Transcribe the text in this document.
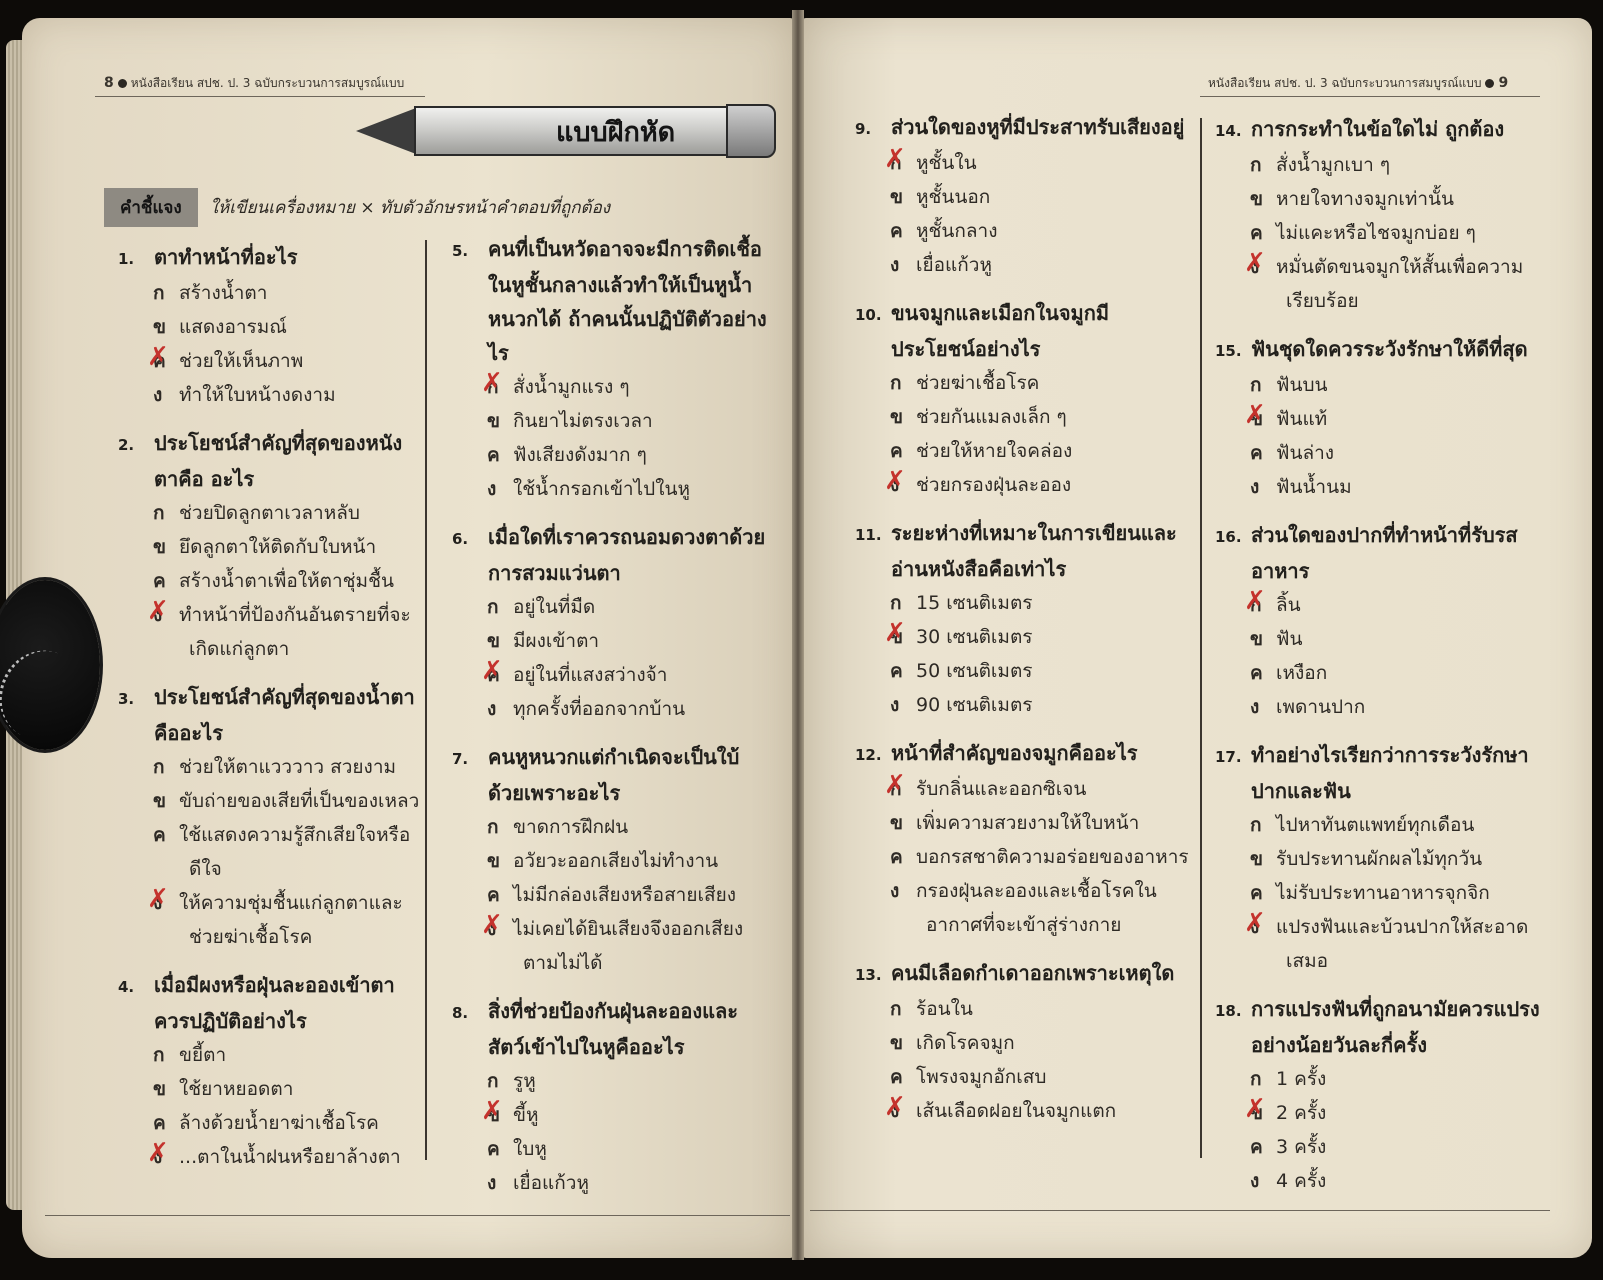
8 หนังสือเรียน สปช. ป. 3 ฉบับกระบวนการสมบูรณ์แบบ	หนังสือเรียน สปช. ป. 3 ฉบับกระบวนการสมบูรณ์แบบ 9
แบบฝึกหัด
คำชี้แจง ให้เขียนเครื่องหมาย × ทับตัวอักษรหน้าคำตอบที่ถูกต้อง
1. ตาทำหน้าที่อะไร
ก สร้างน้ำตา
ข แสดงอารมณ์
ค ✗ ช่วยให้เห็นภาพ
ง ทำให้ใบหน้างดงาม
2. ประโยชน์สำคัญที่สุดของหนังตาคือ อะไร
ก ช่วยปิดลูกตาเวลาหลับ
ข ยึดลูกตาให้ติดกับใบหน้า
ค สร้างน้ำตาเพื่อให้ตาชุ่มชื้น
ง ✗ ทำหน้าที่ป้องกันอันตรายที่จะเกิดแก่ลูกตา
3. ประโยชน์สำคัญที่สุดของน้ำตาคืออะไร
ก ช่วยให้ตาแวววาว สวยงาม
ข ขับถ่ายของเสียที่เป็นของเหลว
ค ใช้แสดงความรู้สึกเสียใจหรือดีใจ
ง ✗ ให้ความชุ่มชื้นแก่ลูกตาและช่วยฆ่าเชื้อโรค
4. เมื่อมีผงหรือฝุ่นละอองเข้าตาควรปฏิบัติอย่างไร
ก ขยี้ตา
ข ใช้ยาหยอดตา
ค ล้างด้วยน้ำยาฆ่าเชื้อโรค
ง ✗ ...ตาในน้ำฝนหรือยาล้างตา
5. คนที่เป็นหวัดอาจจะมีการติดเชื้อในหูชั้นกลางแล้วทำให้เป็นหูน้ำหนวกได้ ถ้าคนนั้นปฏิบัติตัวอย่างไร
ก ✗ สั่งน้ำมูกแรง ๆ
ข กินยาไม่ตรงเวลา
ค ฟังเสียงดังมาก ๆ
ง ใช้น้ำกรอกเข้าไปในหู
6. เมื่อใดที่เราควรถนอมดวงตาด้วยการสวมแว่นตา
ก อยู่ในที่มืด
ข มีผงเข้าตา
ค ✗ อยู่ในที่แสงสว่างจ้า
ง ทุกครั้งที่ออกจากบ้าน
7. คนหูหนวกแต่กำเนิดจะเป็นใบ้ด้วยเพราะอะไร
ก ขาดการฝึกฝน
ข อวัยวะออกเสียงไม่ทำงาน
ค ไม่มีกล่องเสียงหรือสายเสียง
ง ✗ ไม่เคยได้ยินเสียงจึงออกเสียงตามไม่ได้
8. สิ่งที่ช่วยป้องกันฝุ่นละอองและสัตว์เข้าไปในหูคืออะไร
ก รูหู
ข ✗ ขี้หู
ค ใบหู
ง เยื่อแก้วหู
9. ส่วนใดของหูที่มีประสาทรับเสียงอยู่
ก ✗ หูชั้นใน
ข หูชั้นนอก
ค หูชั้นกลาง
ง เยื่อแก้วหู
10. ขนจมูกและเมือกในจมูกมีประโยชน์อย่างไร
ก ช่วยฆ่าเชื้อโรค
ข ช่วยกันแมลงเล็ก ๆ
ค ช่วยให้หายใจคล่อง
ง ✗ ช่วยกรองฝุ่นละออง
11. ระยะห่างที่เหมาะในการเขียนและอ่านหนังสือคือเท่าไร
ก 15 เซนติเมตร
ข ✗ 30 เซนติเมตร
ค 50 เซนติเมตร
ง 90 เซนติเมตร
12. หน้าที่สำคัญของจมูกคืออะไร
ก ✗ รับกลิ่นและออกซิเจน
ข เพิ่มความสวยงามให้ใบหน้า
ค บอกรสชาติความอร่อยของอาหาร
ง กรองฝุ่นละอองและเชื้อโรคในอากาศที่จะเข้าสู่ร่างกาย
13. คนมีเลือดกำเดาออกเพราะเหตุใด
ก ร้อนใน
ข เกิดโรคจมูก
ค โพรงจมูกอักเสบ
ง ✗ เส้นเลือดฝอยในจมูกแตก
14. การกระทำในข้อใดไม่ ถูกต้อง
ก สั่งน้ำมูกเบา ๆ
ข หายใจทางจมูกเท่านั้น
ค ไม่แคะหรือไชจมูกบ่อย ๆ
ง ✗ หมั่นตัดขนจมูกให้สั้นเพื่อความเรียบร้อย
15. ฟันชุดใดควรระวังรักษาให้ดีที่สุด
ก ฟันบน
ข ✗ ฟันแท้
ค ฟันล่าง
ง ฟันน้ำนม
16. ส่วนใดของปากที่ทำหน้าที่รับรสอาหาร
ก ✗ ลิ้น
ข ฟัน
ค เหงือก
ง เพดานปาก
17. ทำอย่างไรเรียกว่าการระวังรักษาปากและฟัน
ก ไปหาทันตแพทย์ทุกเดือน
ข รับประทานผักผลไม้ทุกวัน
ค ไม่รับประทานอาหารจุกจิก
ง ✗ แปรงฟันและบ้วนปากให้สะอาดเสมอ
18. การแปรงฟันที่ถูกอนามัยควรแปรงอย่างน้อยวันละกี่ครั้ง
ก 1 ครั้ง
ข ✗ 2 ครั้ง
ค 3 ครั้ง
ง 4 ครั้ง
